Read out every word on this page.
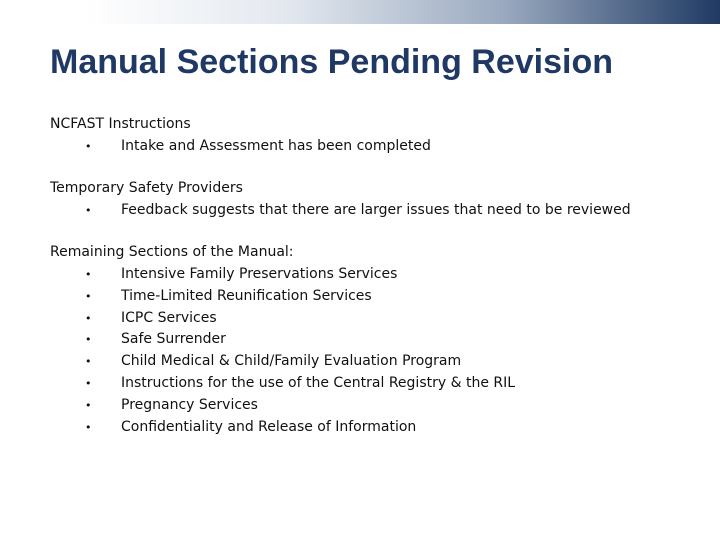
Manual Sections Pending Revision
NCFAST Instructions
• Intake and Assessment has been completed
Temporary Safety Providers
• Feedback suggests that there are larger issues that need to be reviewed
Remaining Sections of the Manual:
• Intensive Family Preservations Services
• Time-Limited Reunification Services
• ICPC Services
• Safe Surrender
• Child Medical & Child/Family Evaluation Program
• Instructions for the use of the Central Registry & the RIL
• Pregnancy Services
• Confidentiality and Release of Information
